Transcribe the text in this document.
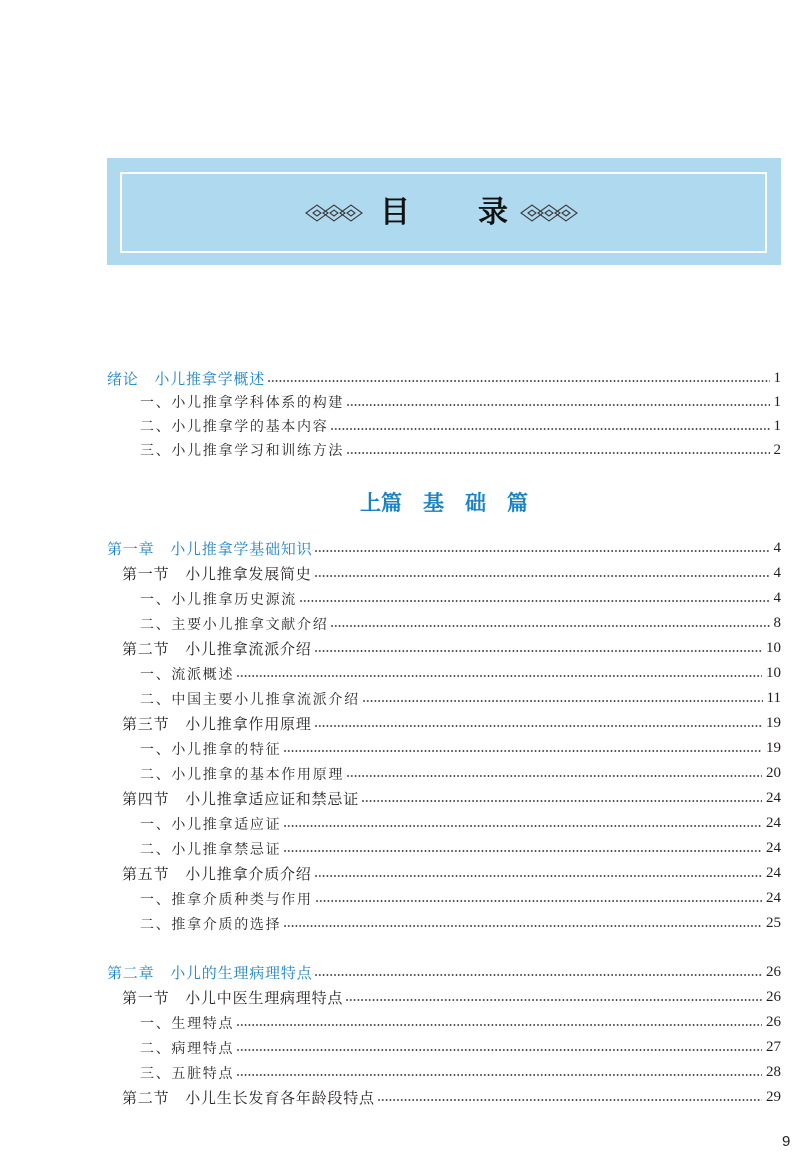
目　录
绪论　小儿推拿学概述	1
一、小儿推拿学科体系的构建	1
二、小儿推拿学的基本内容	1
三、小儿推拿学习和训练方法	2
上篇　基　础　篇
第一章　小儿推拿学基础知识	4
第一节　小儿推拿发展简史	4
一、小儿推拿历史源流	4
二、主要小儿推拿文献介绍	8
第二节　小儿推拿流派介绍	10
一、流派概述	10
二、中国主要小儿推拿流派介绍	11
第三节　小儿推拿作用原理	19
一、小儿推拿的特征	19
二、小儿推拿的基本作用原理	20
第四节　小儿推拿适应证和禁忌证	24
一、小儿推拿适应证	24
二、小儿推拿禁忌证	24
第五节　小儿推拿介质介绍	24
一、推拿介质种类与作用	24
二、推拿介质的选择	25
第二章　小儿的生理病理特点	26
第一节　小儿中医生理病理特点	26
一、生理特点	26
二、病理特点	27
三、五脏特点	28
第二节　小儿生长发育各年龄段特点	29
9
